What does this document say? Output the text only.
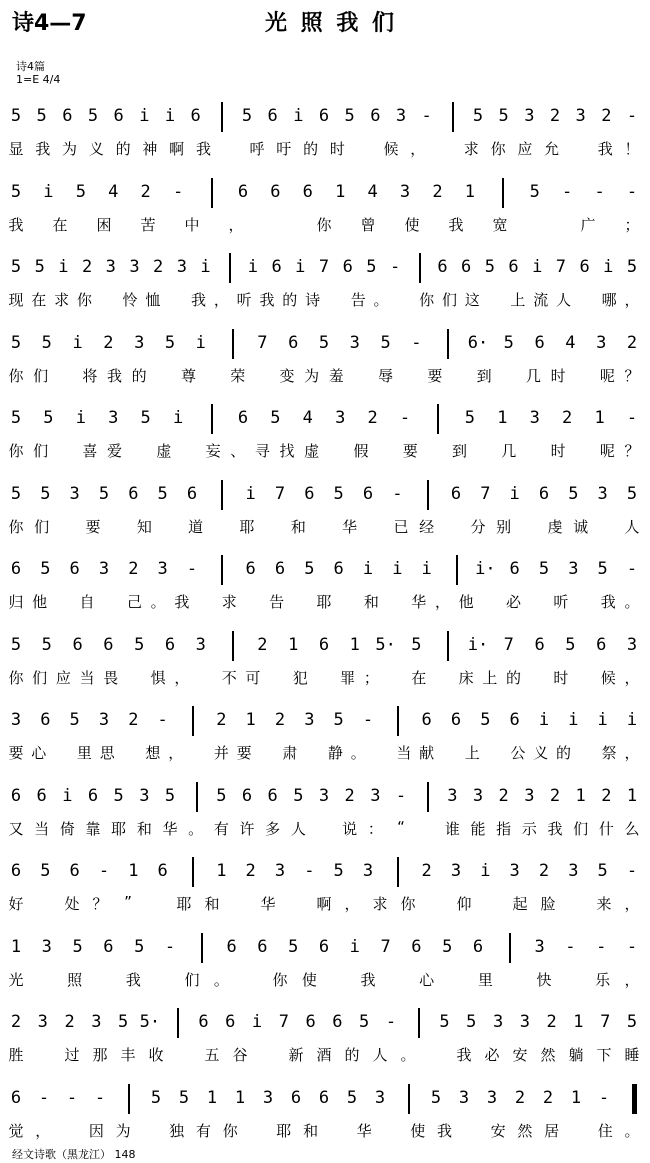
诗4—7	光 照 我 们
诗4篇
1=E 4/4
5 5 6 5 6 i i 6 5 6 i 6 5 6 3 - 5 5 3 2 3 2 -
显 我 为 义 的 神 啊 我	呼 吁 的 时	候 ，	求 你 应 允	我 ！
5 i 5 4 2 -	6 6 6 1 4 3 2 1	5 - - -
我 在 困 苦 中 ，	你 曾 使 我 宽	广 ；
5 5 i 2 3 3 2 3 i i 6 i 7 6 5 - 6 6 5 6 i 7 6 i 5
现 在 求 你 怜 恤 我 ， 听 我 的 诗 告 。 你 们 这 上 流 人 哪 ，
5 5 i 2 3 5 i	7 6 5 3 5 -	6· 5 6 4 3 2
你 们 将 我 的 尊 荣 变 为 羞 辱 要 到 几 时 呢 ？
5 5 i 3 5 i	6 5 4 3 2 -	5 1 3 2 1 -
你 们 喜 爱 虚 妄 、 寻 找 虚 假 要 到 几 时 呢 ？
5 5 3 5 6 5 6	i 7 6 5 6 -	6 7 i 6 5 3 5
你 们 要 知 道 耶 和 华 已 经 分 别 虔 诚 人
6 5 6 3 2 3 -	6 6 5 6 i i i	i· 6 5 3 5 -
归 他 自 己 。 我 求 告 耶 和 华 ， 他 必 听 我 。
5 5 6 6 5 6 3	2 1 6 1 5· 5	i· 7 6 5 6 3
你 们 应 当 畏 惧 ， 不 可 犯 罪 ； 在 床 上 的 时 候 ，
3 6 5 3 2 -	2 1 2 3 5 -	6 6 5 6 i i i i
要 心 里 思 想 ， 并 要 肃 静 。 当 献 上 公 义 的 祭 ，
6 6 i 6 5 3 5 5 6 6 5 3 2 3 - 3 3 2 3 2 1 2 1
又 当 倚 靠 耶 和 华 。 有 许 多 人 说 ： “	谁 能 指 示 我 们 什 么
6 5 6 - 1 6	1 2 3 - 5 3	2 3 i 3 2 3 5 -
好	处 ？ ”	耶 和	华	啊 ， 求 你	仰	起 脸	来 ，
1 3 5 6 5 -	6 6 5 6 i 7 6 5 6	3 - - -
光	照	我	们 。	你 使	我	心	里	快	乐 ，
2 3 2 3 5 5· 6 6 i 7 6 6 5 -	5 5 3 3 2 1 7 5
胜	过 那 丰 收	五 谷	新 酒 的 人 。	我 必 安 然 躺 下 睡
6 - - -	5 5 1 1 3 6 6 5 3	5 3 3 2 2 1 -
觉 ，	因 为	独 有 你	耶 和	华	使 我	安 然 居	住 。
经文诗歌（黑龙江） 148
